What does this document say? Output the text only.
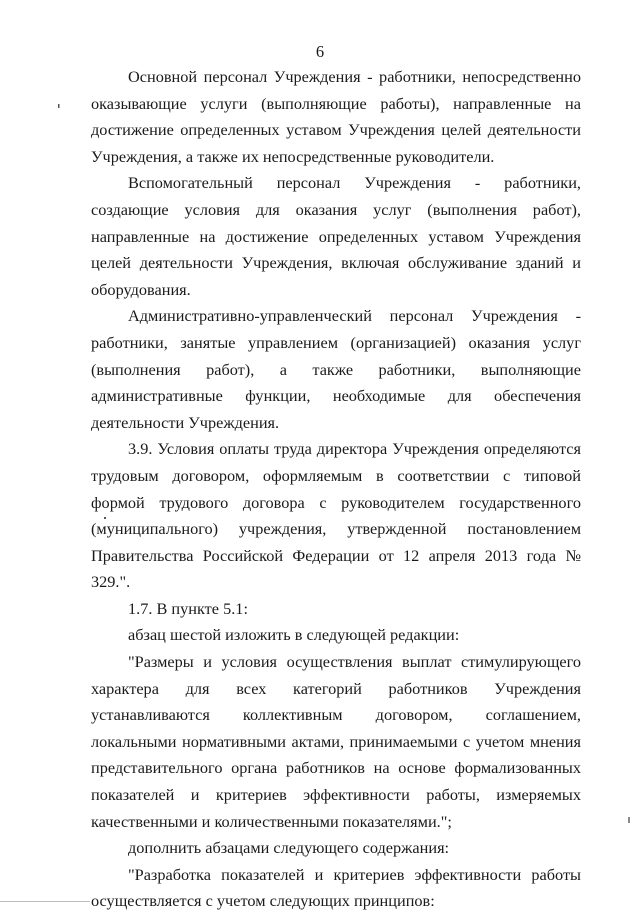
6

Основной персонал Учреждения - работники, непосредственно оказывающие услуги (выполняющие работы), направленные на достижение определенных уставом Учреждения целей деятельности Учреждения, а также их непосредственные руководители.

Вспомогательный персонал Учреждения - работники, создающие условия для оказания услуг (выполнения работ), направленные на достижение определенных уставом Учреждения целей деятельности Учреждения, включая обслуживание зданий и оборудования.

Административно-управленческий персонал Учреждения - работники, занятые управлением (организацией) оказания услуг (выполнения работ), а также работники, выполняющие административные функции, необходимые для обеспечения деятельности Учреждения.

3.9. Условия оплаты труда директора Учреждения определяются трудовым договором, оформляемым в соответствии с типовой формой трудового договора с руководителем государственного (муниципального) учреждения, утвержденной постановлением Правительства Российской Федерации от 12 апреля 2013 года № 329.".

1.7. В пункте 5.1:

абзац шестой изложить в следующей редакции:

"Размеры и условия осуществления выплат стимулирующего характера для всех категорий работников Учреждения устанавливаются коллективным договором, соглашением, локальными нормативными актами, принимаемыми с учетом мнения представительного органа работников на основе формализованных показателей и критериев эффективности работы, измеряемых качественными и количественными показателями.";

дополнить абзацами следующего содержания:

"Разработка показателей и критериев эффективности работы осуществляется с учетом следующих принципов:
